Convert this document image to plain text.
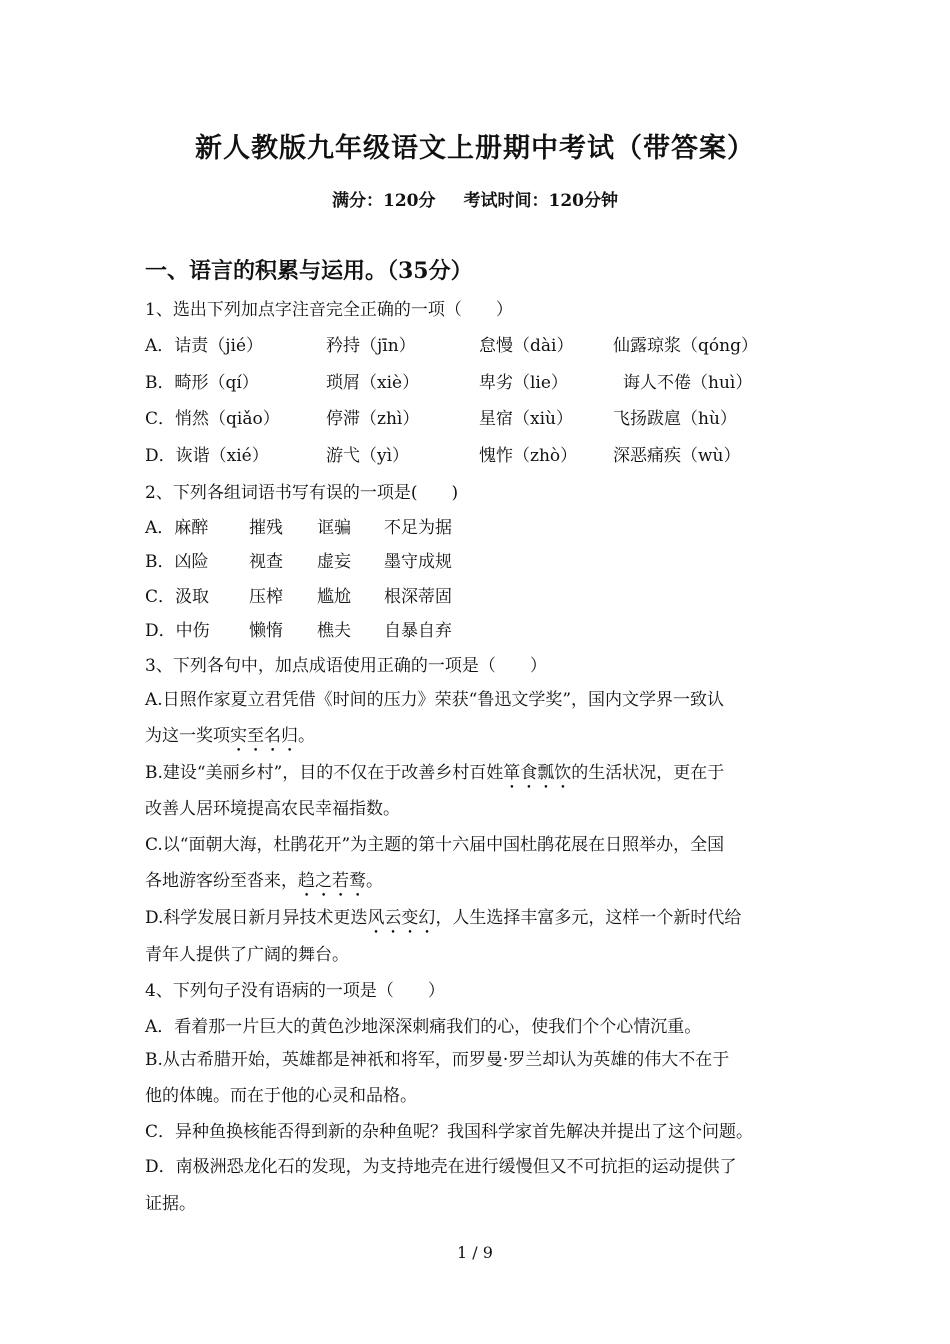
新人教版九年级语文上册期中考试（带答案）
满分：120分 考试时间：120分钟
一、语言的积累与运用。（35分）
1、选出下列加点字注音完全正确的一项（　　）
A．诘责（jié）	矜持（jīn）	怠慢（dài） 仙露琼浆（qóng）
B．畸形（qí）	琐屑（xiè）	卑劣（lie）	诲人不倦（huì）
C．悄然（qiǎo）	停滞（zhì）	星宿（xiù） 飞扬跋扈（hù）
D．诙谐（xié）	游弋（yì）	愧怍（zhò） 深恶痛疾（wù）
2、下列各组词语书写有误的一项是(　　)
A．麻醉 摧残 诓骗 不足为据
B．凶险 视查 虚妄 墨守成规
C．汲取 压榨 尴尬 根深蒂固
D．中伤 懒惰 樵夫 自暴自弃
3、下列各句中，加点成语使用正确的一项是（　　）
A.日照作家夏立君凭借《时间的压力》荣获“鲁迅文学奖”，国内文学界一致认
为这一奖项实至名归。
B.建设“美丽乡村”，目的不仅在于改善乡村百姓箪食瓢饮的生活状况，更在于
改善人居环境提高农民幸福指数。
C.以“面朝大海，杜鹃花开”为主题的第十六届中国杜鹃花展在日照举办，全国
各地游客纷至沓来，趋之若鹜。
D.科学发展日新月异技术更迭风云变幻，人生选择丰富多元，这样一个新时代给
青年人提供了广阔的舞台。
4、下列句子没有语病的一项是（　　）
A．看着那一片巨大的黄色沙地深深刺痛我们的心，使我们个个心情沉重。
B.从古希腊开始，英雄都是神祇和将军，而罗曼·罗兰却认为英雄的伟大不在于
他的体魄。而在于他的心灵和品格。
C．异种鱼换核能否得到新的杂种鱼呢？我国科学家首先解决并提出了这个问题。
D．南极洲恐龙化石的发现，为支持地壳在进行缓慢但又不可抗拒的运动提供了
证据。
1 / 9
